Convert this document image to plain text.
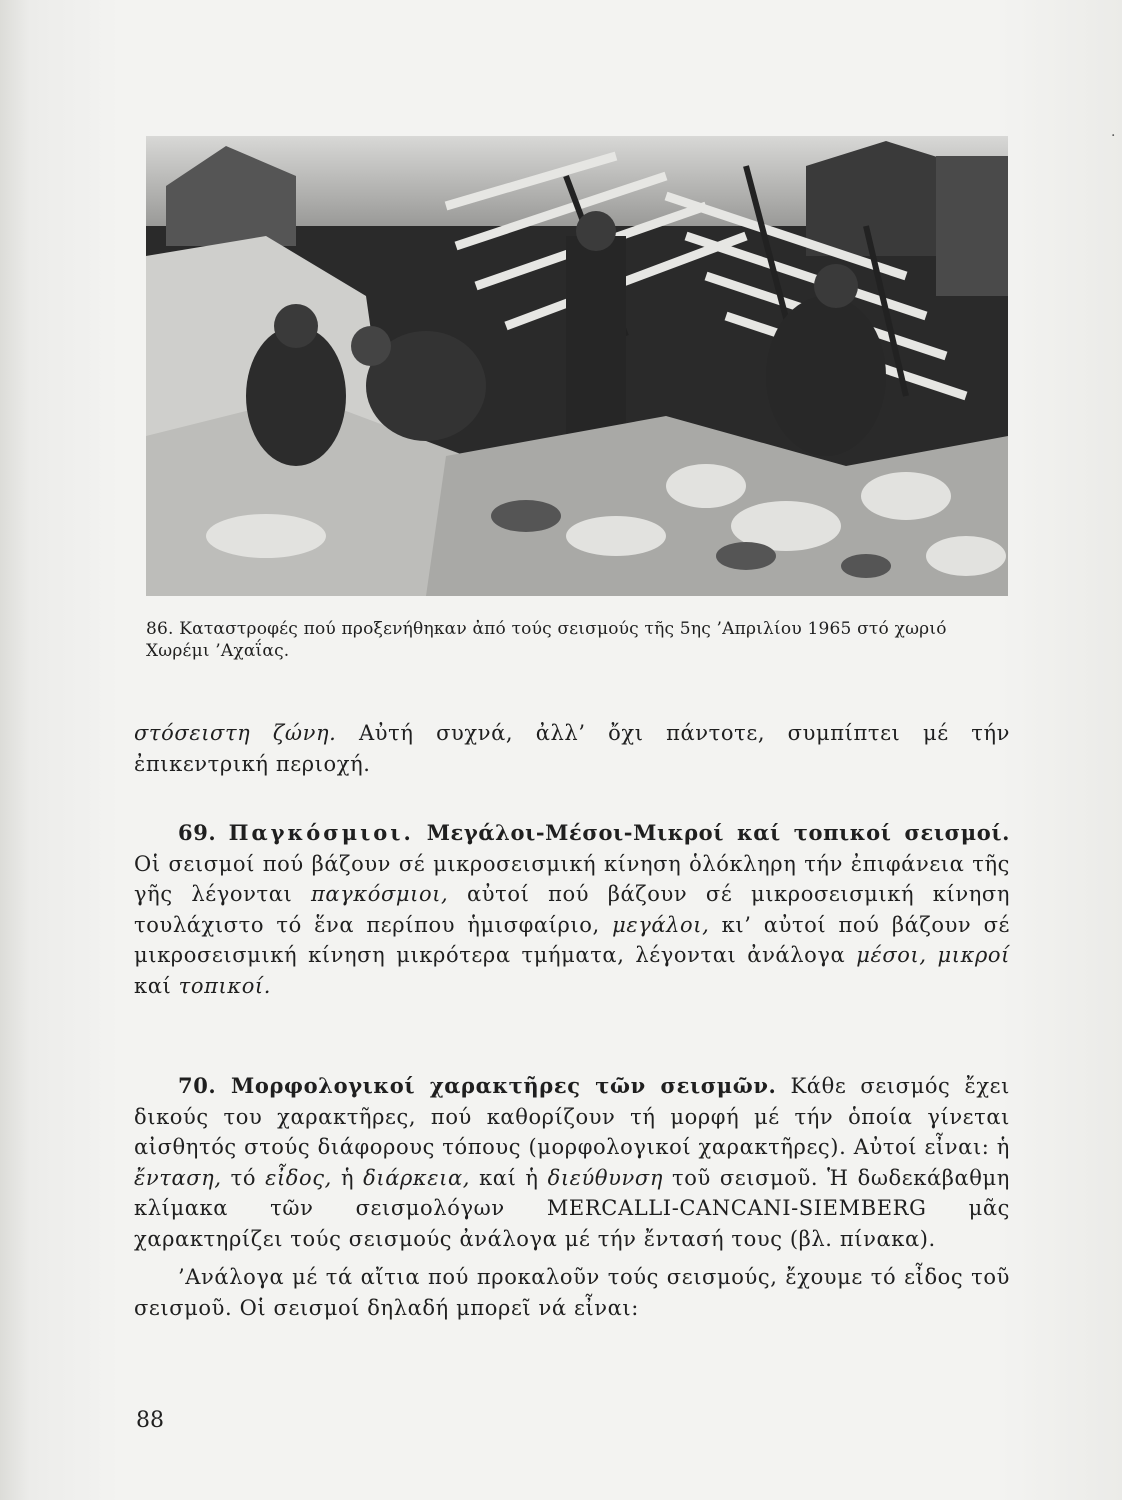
86. Καταστροφές πού προξενήθηκαν ἀπό τούς σεισμούς τῆς 5ης ’Απριλίου 1965 στό χωριό Χωρέμι ’Αχαΐας.

στόσειστη ζώνη. Αὐτή συχνά, ἀλλ’ ὄχι πάντοτε, συμπίπτει μέ τήν ἐπικεντρική περιοχή.

69. Παγκόσμιοι. Μεγάλοι-Μέσοι-Μικροί καί τοπικοί σεισμοί. Οἱ σεισμοί πού βάζουν σέ μικροσεισμική κίνηση ὁλόκληρη τήν ἐπιφάνεια τῆς γῆς λέγονται παγκόσμιοι, αὐτοί πού βάζουν σέ μικροσεισμική κίνηση τουλάχιστο τό ἕνα περίπου ἡμισφαίριο, μεγάλοι, κι’ αὐτοί πού βάζουν σέ μικροσεισμική κίνηση μικρότερα τμήματα, λέγονται ἀνάλογα μέσοι, μικροί καί τοπικοί.

70. Μορφολογικοί χαρακτῆρες τῶν σεισμῶν. Κάθε σεισμός ἔχει δικούς του χαρακτῆρες, πού καθορίζουν τή μορφή μέ τήν ὁποία γίνεται αἰσθητός στούς διάφορους τόπους (μορφολογικοί χαρακτῆρες). Αὐτοί εἶναι: ἡ ἔνταση, τό εἶδος, ἡ διάρκεια, καί ἡ διεύθυνση τοῦ σεισμοῦ. Ἡ δωδεκάβαθμη κλίμακα τῶν σεισμολόγων MERCALLI-CANCANI-SIEMBERG μᾶς χαρακτηρίζει τούς σεισμούς ἀνάλογα μέ τήν ἔντασή τους (βλ. πίνακα).

’Ανάλογα μέ τά αἴτια πού προκαλοῦν τούς σεισμούς, ἔχουμε τό εἶδος τοῦ σεισμοῦ. Οἱ σεισμοί δηλαδή μπορεῖ νά εἶναι:

88
·
